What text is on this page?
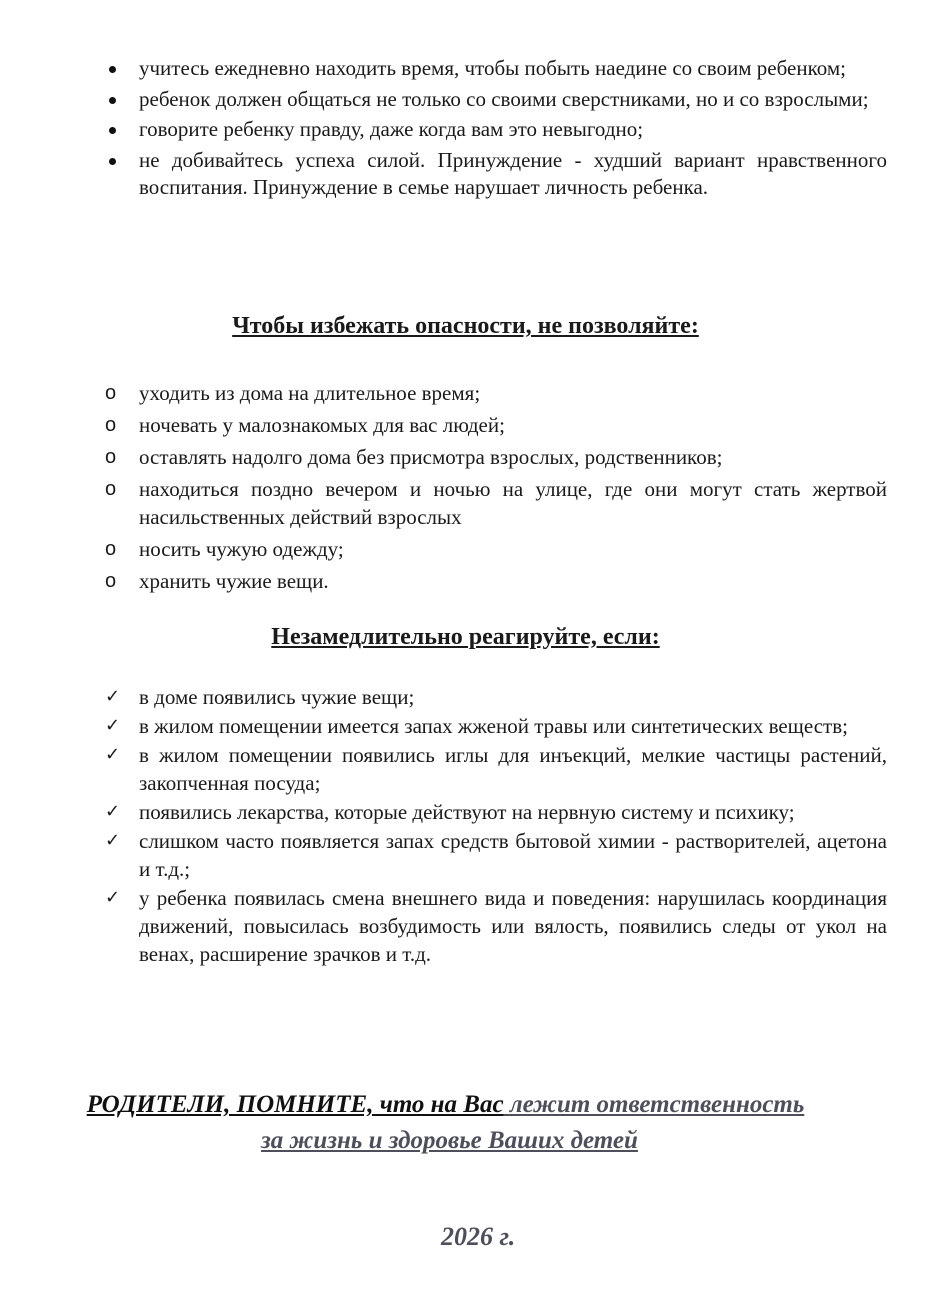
учитесь ежедневно находить время, чтобы побыть наедине со своим ребенком;
ребенок должен общаться не только со своими сверстниками, но и со взрослыми;
говорите ребенку правду, даже когда вам это невыгодно;
не добивайтесь успеха силой. Принуждение - худший вариант нравственного воспитания. Принуждение в семье нарушает личность ребенка.
Чтобы избежать опасности, не позволяйте:
o	уходить из дома на длительное время;
o	ночевать у малознакомых для вас людей;
o	оставлять надолго дома без присмотра взрослых, родственников;
o	находиться поздно вечером и ночью на улице, где они могут стать жертвой насильственных действий взрослых
o	носить чужую одежду;
o	хранить чужие вещи.
Незамедлительно реагируйте, если:
✓ в доме появились чужие вещи;
✓ в жилом помещении имеется запах жженой травы или синтетических веществ;
✓ в жилом помещении появились иглы для инъекций, мелкие частицы растений, закопченная посуда;
✓ появились лекарства, которые действуют на нервную систему и психику;
✓ слишком часто появляется запах средств бытовой химии - растворителей, ацетона и т.д.;
✓ у ребенка появилась смена внешнего вида и поведения: нарушилась координация движений, повысилась возбудимость или вялость, появились следы от укол на венах, расширение зрачков и т.д.

РОДИТЕЛИ, ПОМНИТЕ, что на Вас лежит ответственность

за жизнь и здоровье Ваших детей

2026 г.
